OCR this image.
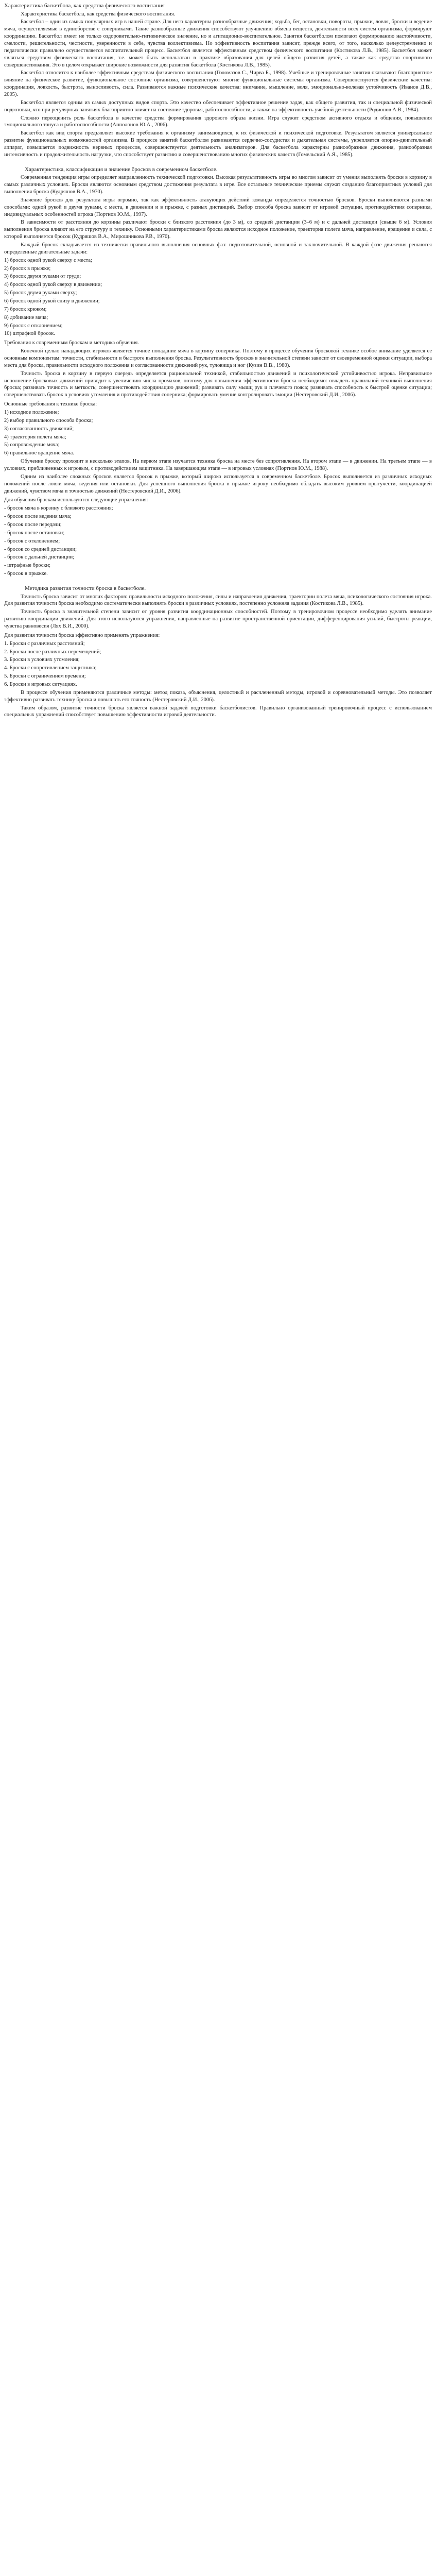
Характеристика баскетбола, как средства физического воспитания

Характеристика баскетбола, как средства физического воспитания.

Баскетбол – один из самых популярных игр в нашей стране. Для него характерны разнообразные движения; ходьба, бег, остановки, повороты, прыжки, ловля, броски и ведение мяча, осуществляемые в единоборстве с соперниками. Такие разнообразные движения способствуют улучшению обмена веществ, деятельности всех систем организма, формируют координацию. Баскетбол имеет не только оздоровительно-гигиеническое значение, но и агитационно-воспитательное. Занятия баскетболом помогают формированию настойчивости, смелости, решительности, честности, уверенности в себе, чувства коллективизма. Но эффективность воспитания зависит, прежде всего, от того, насколько целеустремленно и педагогически правильно осуществляется воспитательный процесс. Баскетбол является эффективным средством физического воспитания (Костикова Л.В., 1985). Баскетбол может являться средством физического воспитания, т.е. может быть использован в практике образования для целей общего развития детей, а также как средство спортивного совершенствования. Это в целом открывает широкие возможности для развития баскетбола (Костикова Л.В., 1985).

Баскетбол относится к наиболее эффективным средствам физического воспитания (Голомазов С., Чирва Б., 1998). Учебные и тренировочные занятия оказывают благоприятное влияние на физическое развитие, функциональное состояние организма, совершенствуют многие функциональные системы организма. Совершенствуются физические качества: координация, ловкость, быстрота, выносливость, сила. Развиваются важные психические качества: внимание, мышление, воля, эмоционально-волевая устойчивость (Иванов Д.В., 2005).

Баскетбол является одним из самых доступных видов спорта. Это качество обеспечивает эффективное решение задач, как общего развития, так и специальной физической подготовки, что при регулярных занятиях благоприятно влияет на состояние здоровья, работоспособности, а также на эффективность учебной деятельности (Родионов А.В., 1984).

Сложно переоценить роль баскетбола в качестве средства формирования здорового образа жизни. Игра служит средством активного отдыха и общения, повышения эмоционального тонуса и работоспособности (Апполонов Ю.А., 2006).

Баскетбол как вид спорта предъявляет высокие требования к организму занимающихся, к их физической и психической подготовке. Результатом является универсальное развитие функциональных возможностей организма. В процессе занятий баскетболом развиваются сердечно-сосудистая и дыхательная системы, укрепляется опорно-двигательный аппарат, повышается подвижность нервных процессов, совершенствуется деятельность анализаторов. Для баскетбола характерны разнообразные движения, разнообразная интенсивность и продолжительность нагрузки, что способствует развитию и совершенствованию многих физических качеств (Гомельский А.Я., 1985).

Характеристика, классификация и значение бросков в современном баскетболе.

Современная тенденция игры определяет направленность технической подготовки. Высокая результативность игры во многом зависит от умения выполнять броски в корзину в самых различных условиях. Броски являются основным средством достижения результата в игре. Все остальные технические приемы служат созданию благоприятных условий для выполнения броска (Кудряшов В.А., 1970).

Значение бросков для результата игры огромно, так как эффективность атакующих действий команды определяется точностью бросков. Броски выполняются разными способами: одной рукой и двумя руками, с места, в движении и в прыжке, с разных дистанций. Выбор способа броска зависит от игровой ситуации, противодействия соперника, индивидуальных особенностей игрока (Портнов Ю.М., 1997).

В зависимости от расстояния до корзины различают броски с близкого расстояния (до 3 м), со средней дистанции (3–6 м) и с дальней дистанции (свыше 6 м). Условия выполнения броска влияют на его структуру и технику. Основными характеристиками броска являются исходное положение, траектория полета мяча, направление, вращение и сила, с которой выполняется бросок (Кудряшов В.А., Мирошникова Р.В., 1970).

Каждый бросок складывается из технически правильного выполнения основных фаз: подготовительной, основной и заключительной. В каждой фазе движения решаются определенные двигательные задачи:

1) бросок одной рукой сверху с места;
2) бросок в прыжке;
3) бросок двумя руками от груди;
4) бросок одной рукой сверху в движении;
5) бросок двумя руками сверху;
6) бросок одной рукой снизу в движении;
7) бросок крюком;
8) добивание мяча;
9) бросок с отклонением;
10) штрафной бросок.
Требования к современным броскам и методика обучения.

Конечной целью нападающих игроков является точное попадание мяча в корзину соперника. Поэтому в процессе обучения бросковой технике особое внимание уделяется ее основным компонентам: точности, стабильности и быстроте выполнения броска. Результативность бросков в значительной степени зависит от своевременной оценки ситуации, выбора места для броска, правильности исходного положения и согласованности движений рук, туловища и ног (Кузин В.В., 1980).

Точность броска в корзину в первую очередь определяется рациональной техникой, стабильностью движений и психологической устойчивостью игрока. Неправильное исполнение бросковых движений приводит к увеличению числа промахов, поэтому для повышения эффективности броска необходимо: овладеть правильной техникой выполнения броска; развивать точность и меткость; совершенствовать координацию движений; развивать силу мышц рук и плечевого пояса; развивать способность к быстрой оценке ситуации; совершенствовать бросок в условиях утомления и противодействия соперника; формировать умение контролировать эмоции (Нестеровский Д.И., 2006).

Основные требования к технике броска:
1) исходное положение;
2) выбор правильного способа броска;
3) согласованность движений;
4) траектория полета мяча;
5) сопровождение мяча;
6) правильное вращение мяча.

Обучение броску проходит в несколько этапов. На первом этапе изучается техника броска на месте без сопротивления. На втором этапе — в движении. На третьем этапе — в условиях, приближенных к игровым, с противодействием защитника. На завершающем этапе — в игровых условиях (Портнов Ю.М., 1988).

Одним из наиболее сложных бросков является бросок в прыжке, который широко используется в современном баскетболе. Бросок выполняется из различных исходных положений после ловли мяча, ведения или остановки. Для успешного выполнения броска в прыжке игроку необходимо обладать высоким уровнем прыгучести, координацией движений, чувством мяча и точностью движений (Нестеровский Д.И., 2006).

Для обучения броскам используются следующие упражнения:
- бросок мяча в корзину с близкого расстояния;
- бросок после ведения мяча;
- бросок после передачи;
- бросок после остановки;
- бросок с отклонением;
- бросок со средней дистанции;
- бросок с дальней дистанции;
- штрафные броски;
- бросок в прыжке.
Методика развития точности броска в баскетболе.

Точность броска зависит от многих факторов: правильности исходного положения, силы и направления движения, траектории полета мяча, психологического состояния игрока. Для развития точности броска необходимо систематически выполнять броски в различных условиях, постепенно усложняя задания (Костикова Л.В., 1985).

Точность броска в значительной степени зависит от уровня развития координационных способностей. Поэтому в тренировочном процессе необходимо уделять внимание развитию координации движений. Для этого используются упражнения, направленные на развитие пространственной ориентации, дифференцирования усилий, быстроты реакции, чувства равновесия (Лях В.И., 2000).

Для развития точности броска эффективно применять упражнения:
1. Броски с различных расстояний;
2. Броски после различных перемещений;
3. Броски в условиях утомления;
4. Броски с сопротивлением защитника;
5. Броски с ограничением времени;
6. Броски в игровых ситуациях.

В процессе обучения применяются различные методы: метод показа, объяснения, целостный и расчлененный методы, игровой и соревновательный методы. Это позволяет эффективно развивать технику броска и повышать его точность (Нестеровский Д.И., 2006).

Таким образом, развитие точности броска является важной задачей подготовки баскетболистов. Правильно организованный тренировочный процесс с использованием специальных упражнений способствует повышению эффективности игровой деятельности.
